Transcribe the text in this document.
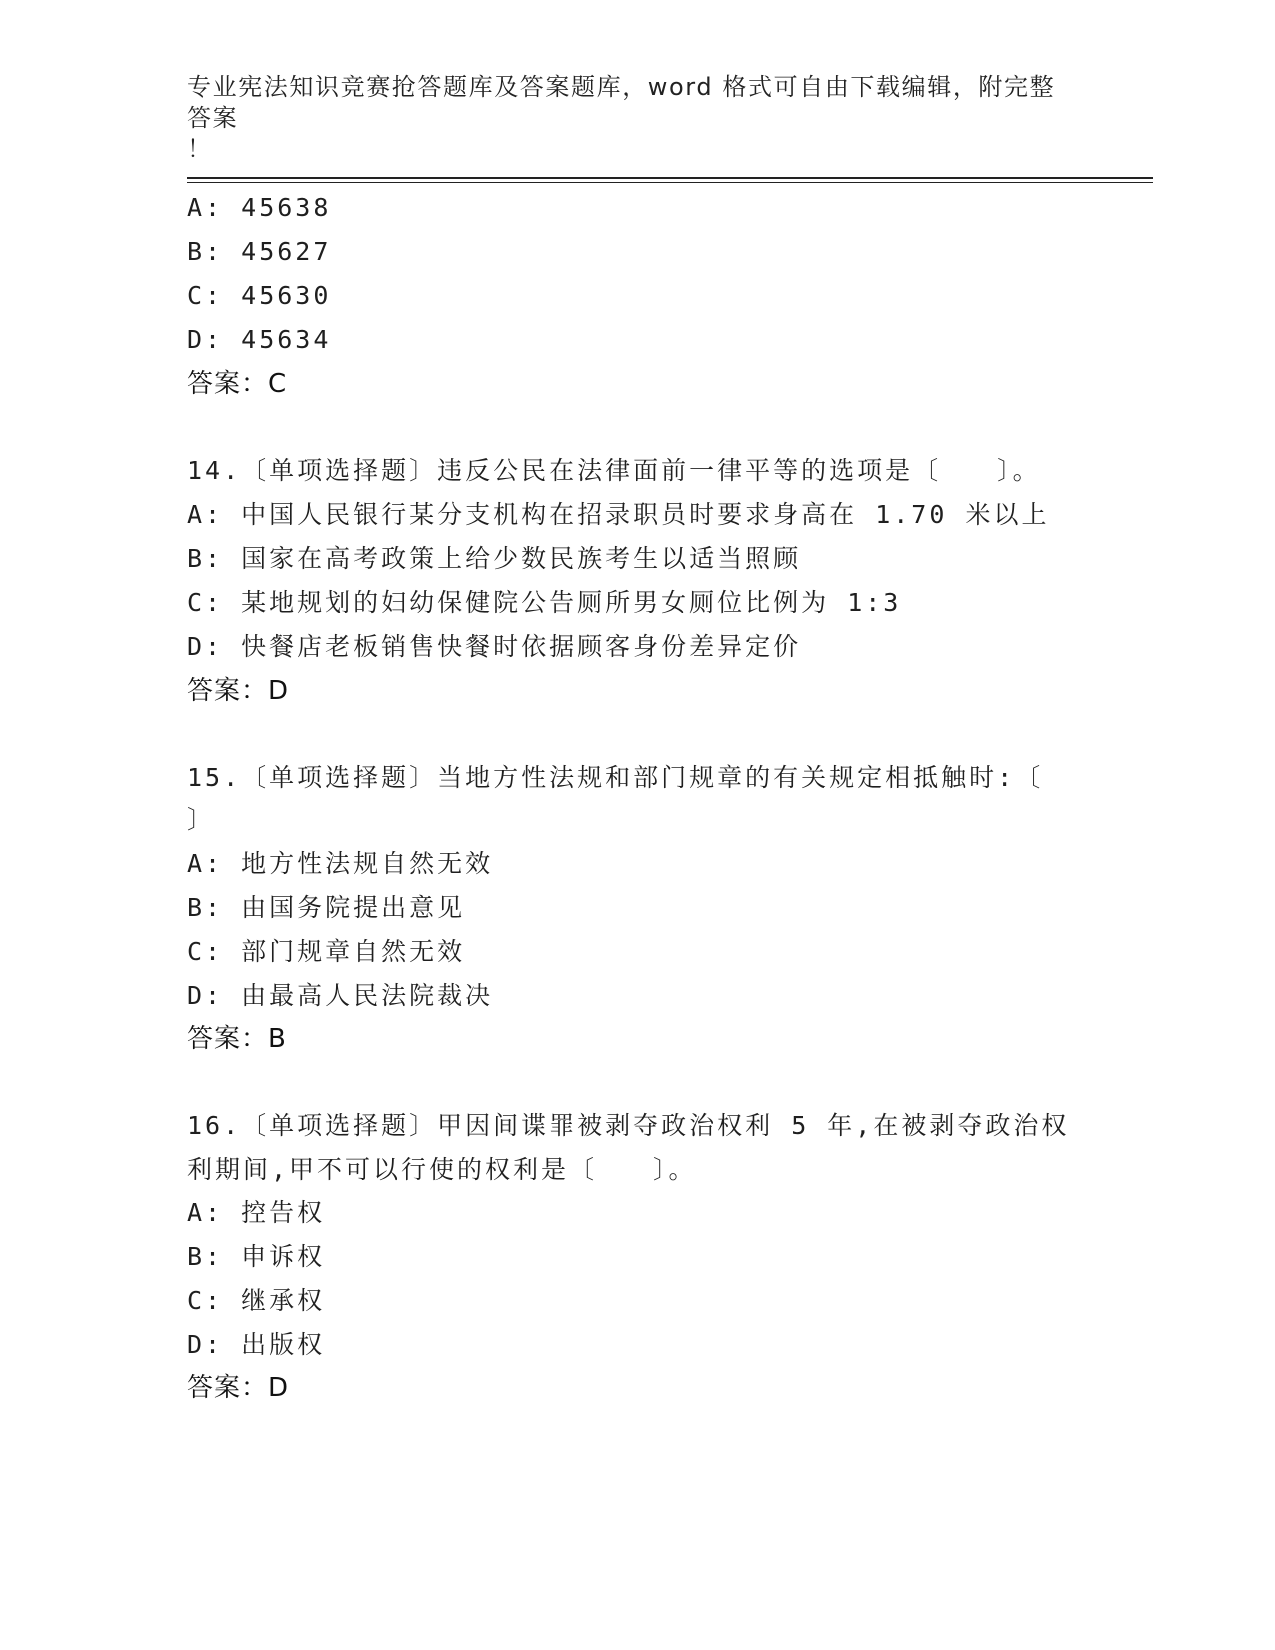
专业宪法知识竞赛抢答题库及答案题库，word 格式可自由下载编辑，附完整答案
！
A: 45638
B: 45627
C: 45630
D: 45634
答案：C
14.〔单项选择题〕违反公民在法律面前一律平等的选项是〔　　〕。
A: 中国人民银行某分支机构在招录职员时要求身高在 1.70 米以上
B: 国家在高考政策上给少数民族考生以适当照顾
C: 某地规划的妇幼保健院公告厕所男女厕位比例为 1:3
D: 快餐店老板销售快餐时依据顾客身份差异定价
答案：D
15.〔单项选择题〕当地方性法规和部门规章的有关规定相抵触时:〔
〕
A: 地方性法规自然无效
B: 由国务院提出意见
C: 部门规章自然无效
D: 由最高人民法院裁决
答案：B
16.〔单项选择题〕甲因间谍罪被剥夺政治权利 5 年,在被剥夺政治权
利期间,甲不可以行使的权利是〔　　〕。
A: 控告权
B: 申诉权
C: 继承权
D: 出版权
答案：D
